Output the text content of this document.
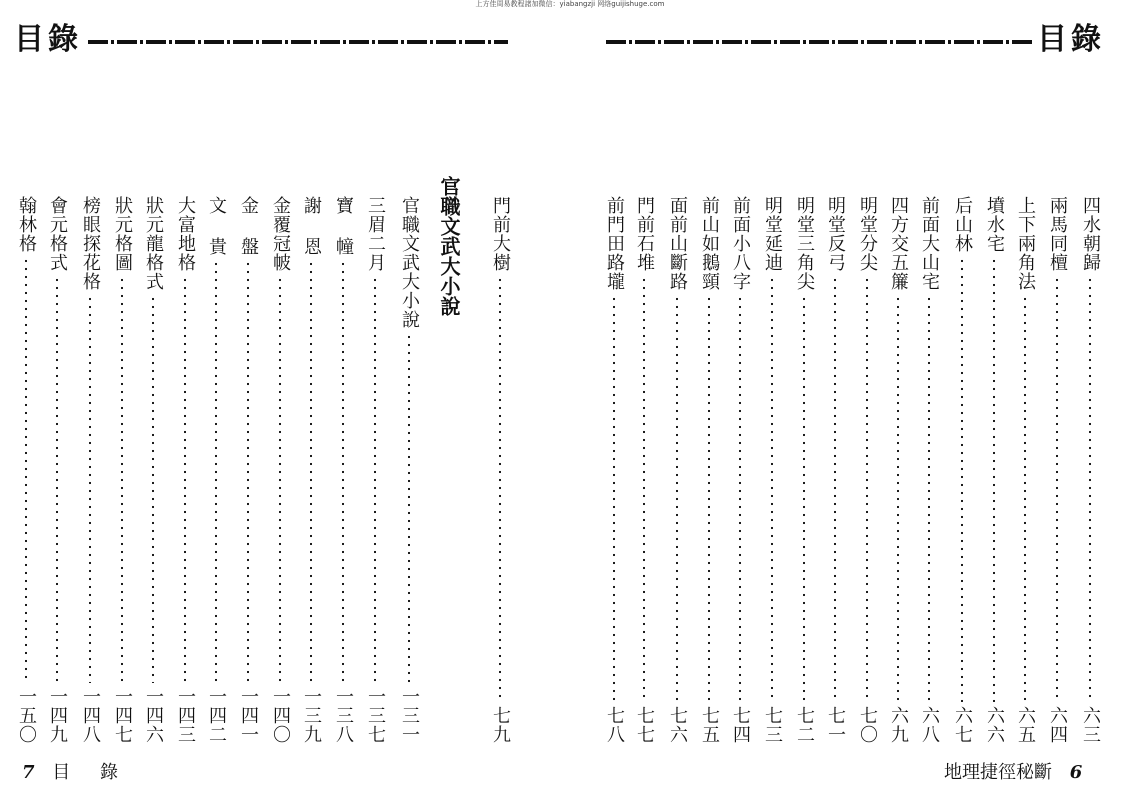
上方佳周易教程諸加微信：yiabangzji 网络guijishuge.com
目錄	目錄
官職文武大小說 門前大樹
七九
官職文武大小說
一三一
三眉二月
一三七
寶 幢
一三八
謝 恩
一三九
金覆冠帔
一四〇
金 盤
一四一
文 貴
一四二
大富地格
一四三
狀元龍格式
一四六
狀元格圖
一四七
榜眼探花格
一四八
會元格式
一四九
翰林格
一五〇
四水朝歸
六三
兩馬同檀
六四
上下兩角法
六五
墳水宅
六六
后山林
六七
前面大山宅
六八
四方交五簾
六九
明堂分尖
七〇
明堂反弓
七一
明堂三角尖
七二
明堂延迪
七三
前面小八字
七四
前山如鵝頸
七五
面前山斷路
七六
門前石堆
七七
前門田路壠
七八
7 目 錄	地理捷徑秘斷 6
